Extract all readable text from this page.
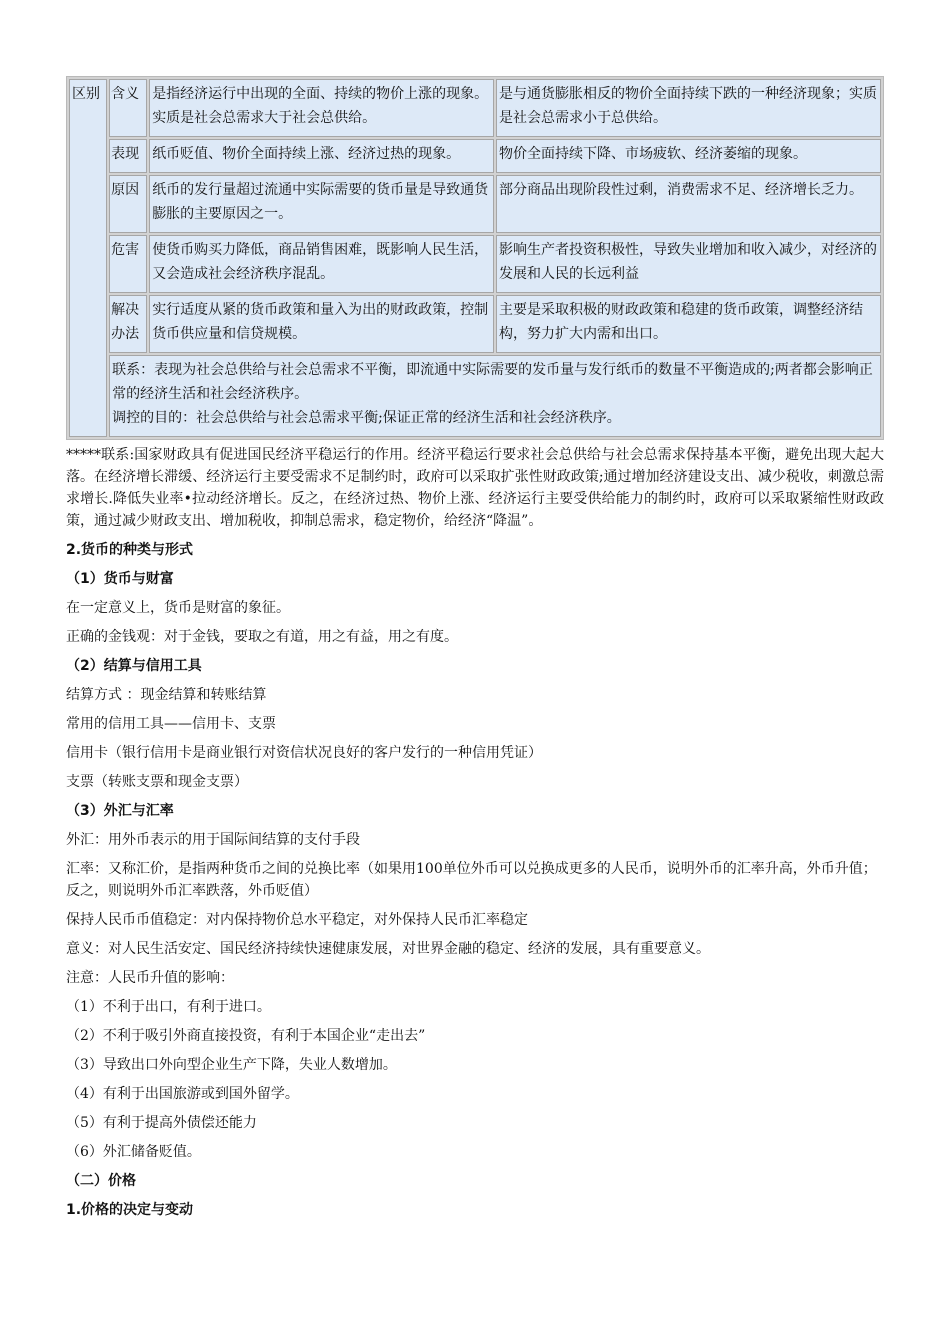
区别	含义	是指经济运行中出现的全面、持续的物价上涨的现象。实质是社会总需求大于社会总供给。	是与通货膨胀相反的物价全面持续下跌的一种经济现象；实质是社会总需求小于总供给。
	表现	纸币贬值、物价全面持续上涨、经济过热的现象。	物价全面持续下降、市场疲软、经济萎缩的现象。
	原因	纸币的发行量超过流通中实际需要的货币量是导致通货膨胀的主要原因之一。	部分商品出现阶段性过剩，消费需求不足、经济增长乏力。
	危害	使货币购买力降低，商品销售困难，既影响人民生活，又会造成社会经济秩序混乱。	影响生产者投资积极性，导致失业增加和收入减少，对经济的发展和人民的长远利益
	解决办法	实行适度从紧的货币政策和量入为出的财政政策，控制货币供应量和信贷规模。	主要是采取积极的财政政策和稳建的货币政策，调整经济结构，努力扩大内需和出口。

	联系：表现为社会总供给与社会总需求不平衡，即流通中实际需要的发币量与发行纸币的数量不平衡造成的;两者都会影响正常的经济生活和社会经济秩序。
调控的目的：社会总供给与社会总需求平衡;保证正常的经济生活和社会经济秩序。		

*****联系:国家财政具有促进国民经济平稳运行的作用。经济平稳运行要求社会总供给与社会总需求保持基本平衡，避免出现大起大落。在经济增长滞缓、经济运行主要受需求不足制约时，政府可以采取扩张性财政政策;通过增加经济建设支出、减少税收，刺激总需求增长.降低失业率•拉动经济增长。反之，在经济过热、物价上涨、经济运行主要受供给能力的制约时，政府可以采取紧缩性财政政策，通过减少财政支出、增加税收，抑制总需求，稳定物价，给经济“降温”。

2.货币的种类与形式

（1）货币与财富

在一定意义上，货币是财富的象征。

正确的金钱观：对于金钱，要取之有道，用之有益，用之有度。

（2）结算与信用工具

结算方式 ：现金结算和转账结算

常用的信用工具——信用卡、支票

信用卡（银行信用卡是商业银行对资信状况良好的客户发行的一种信用凭证）

支票（转账支票和现金支票）

（3）外汇与汇率

外汇：用外币表示的用于国际间结算的支付手段

汇率：又称汇价，是指两种货币之间的兑换比率（如果用100单位外币可以兑换成更多的人民币，说明外币的汇率升高，外币升值；反之，则说明外币汇率跌落，外币贬值）

保持人民币币值稳定：对内保持物价总水平稳定，对外保持人民币汇率稳定

意义：对人民生活安定、国民经济持续快速健康发展，对世界金融的稳定、经济的发展，具有重要意义。

注意：人民币升值的影响：

（1）不利于出口，有利于进口。

（2）不利于吸引外商直接投资，有利于本国企业“走出去”

（3）导致出口外向型企业生产下降，失业人数增加。

（4）有利于出国旅游或到国外留学。

（5）有利于提高外债偿还能力

（6）外汇储备贬值。

（二）价格

1.价格的决定与变动
